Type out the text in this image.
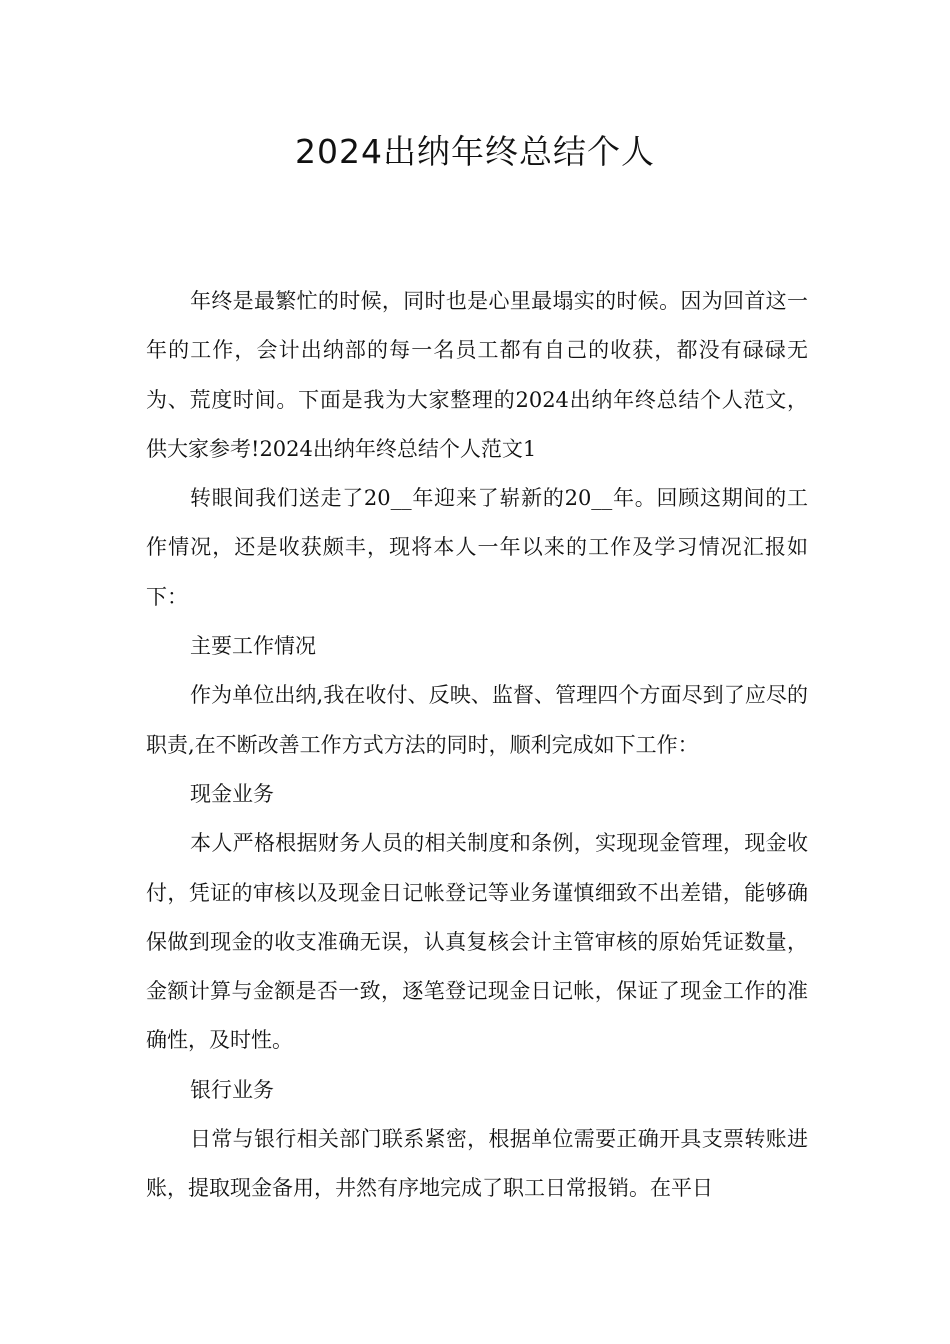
2024出纳年终总结个人

年终是最繁忙的时候，同时也是心里最塌实的时候。因为回首这一年的工作，会计出纳部的每一名员工都有自己的收获，都没有碌碌无为、荒度时间。下面是我为大家整理的2024出纳年终总结个人范文，供大家参考!2024出纳年终总结个人范文1

转眼间我们送走了20__年迎来了崭新的20__年。回顾这期间的工作情况，还是收获颇丰，现将本人一年以来的工作及学习情况汇报如下：

主要工作情况

作为单位出纳,我在收付、反映、监督、管理四个方面尽到了应尽的职责,在不断改善工作方式方法的同时，顺利完成如下工作：

现金业务

本人严格根据财务人员的相关制度和条例，实现现金管理，现金收付，凭证的审核以及现金日记帐登记等业务谨慎细致不出差错，能够确保做到现金的收支准确无误，认真复核会计主管审核的原始凭证数量，金额计算与金额是否一致，逐笔登记现金日记帐，保证了现金工作的准确性，及时性。

银行业务

日常与银行相关部门联系紧密，根据单位需要正确开具支票转账进账，提取现金备用，井然有序地完成了职工日常报销。在平日
